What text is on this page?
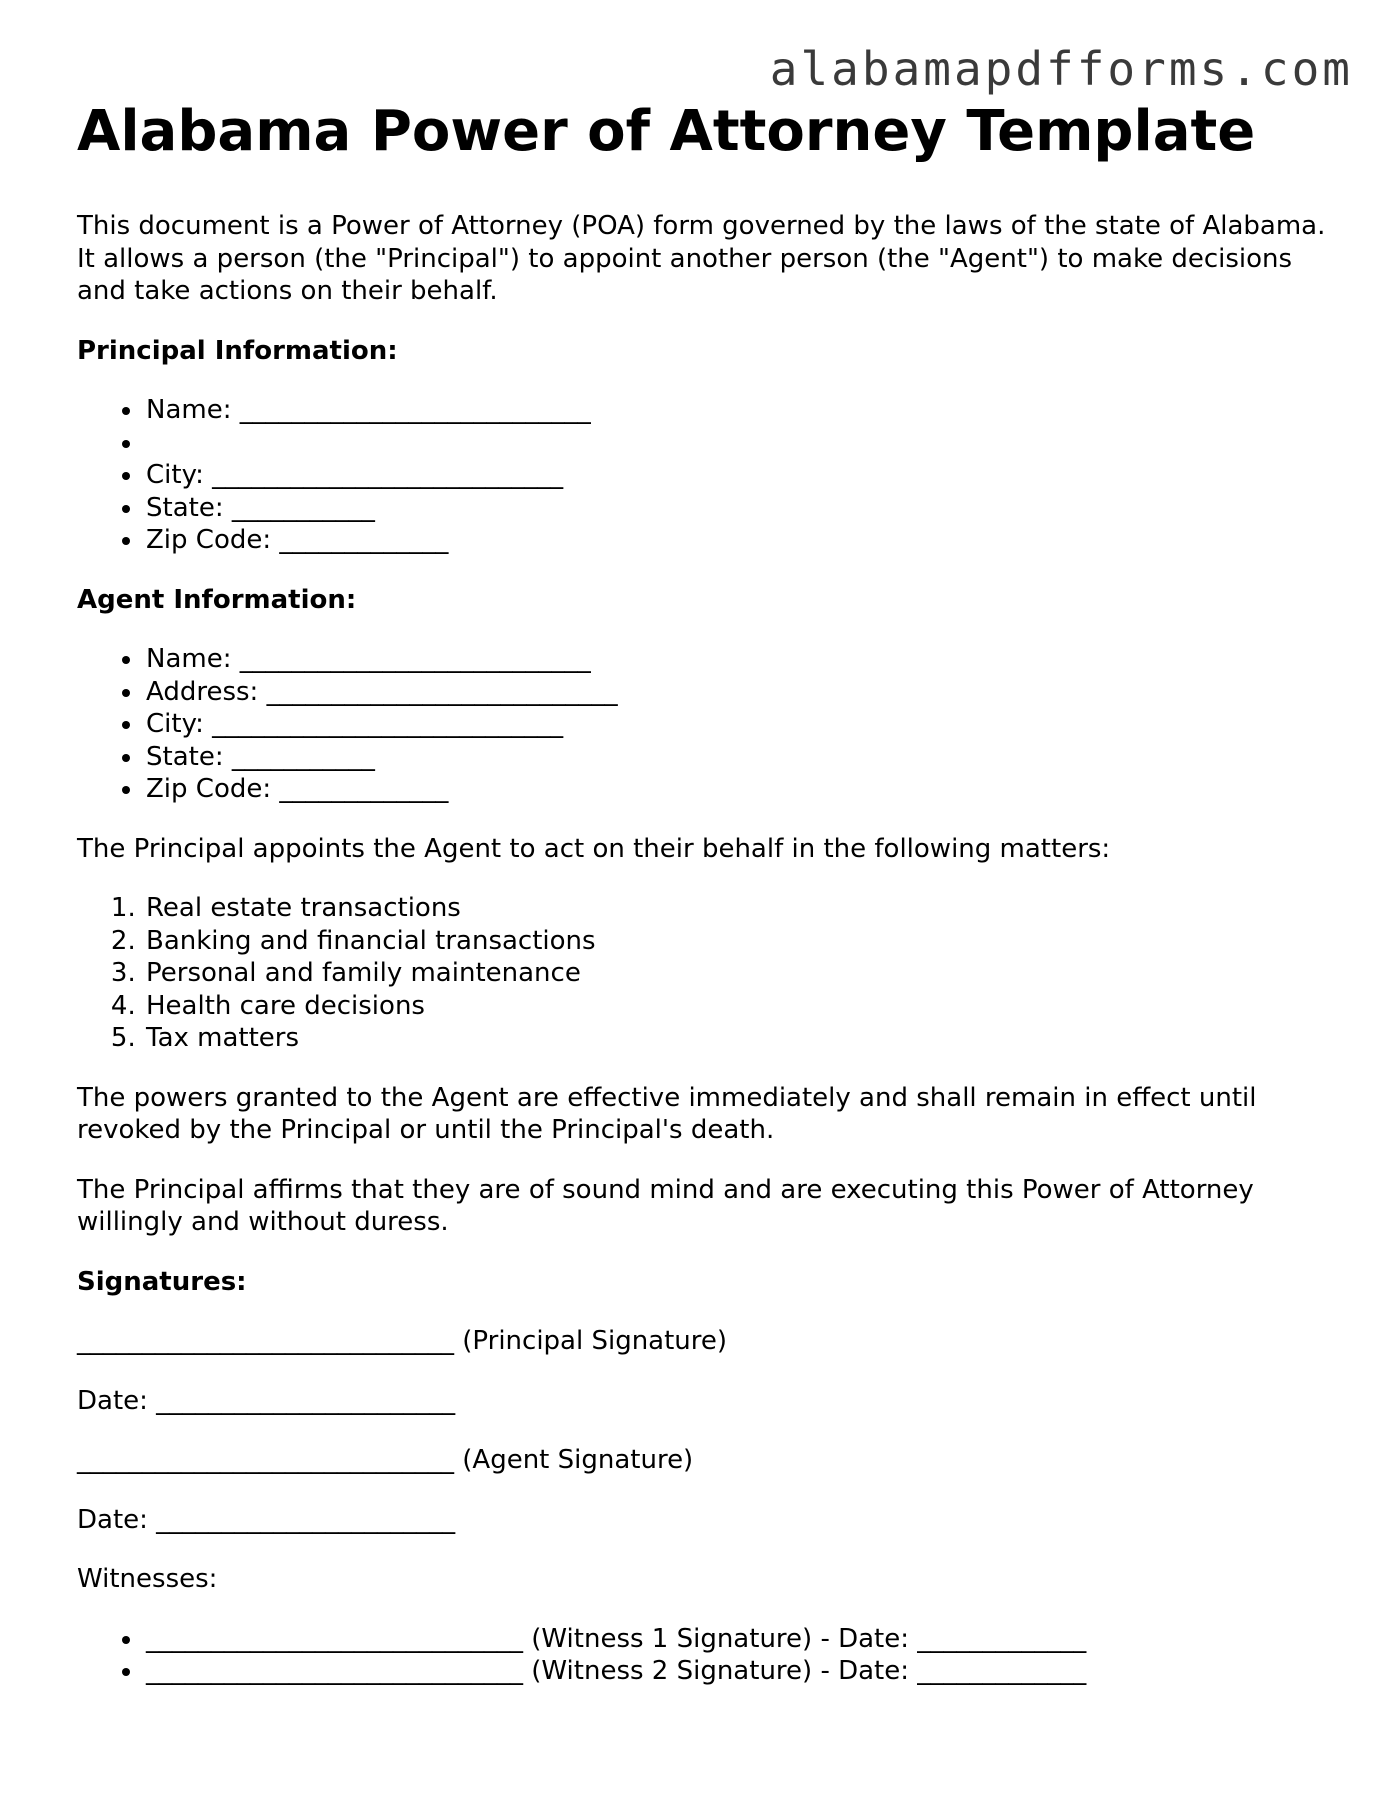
alabamapdfforms.com
Alabama Power of Attorney Template

This document is a Power of Attorney (POA) form governed by the laws of the state of Alabama. It allows a person (the "Principal") to appoint another person (the "Agent") to make decisions and take actions on their behalf.

Principal Information:
• Name: ___________________________
•
• City: ___________________________
• State: ___________
• Zip Code: _____________
Agent Information:
• Name: ___________________________
• Address: ___________________________
• City: ___________________________
• State: ___________
• Zip Code: _____________

The Principal appoints the Agent to act on their behalf in the following matters:

1. Real estate transactions
2. Banking and financial transactions
3. Personal and family maintenance
4. Health care decisions
5. Tax matters

The powers granted to the Agent are effective immediately and shall remain in effect until revoked by the Principal or until the Principal's death.

The Principal affirms that they are of sound mind and are executing this Power of Attorney willingly and without duress.

Signatures:

_____________________________ (Principal Signature)

Date: _______________________

_____________________________ (Agent Signature)

Date: _______________________

Witnesses:

• _____________________________ (Witness 1 Signature) - Date: _____________
• _____________________________ (Witness 2 Signature) - Date: _____________
